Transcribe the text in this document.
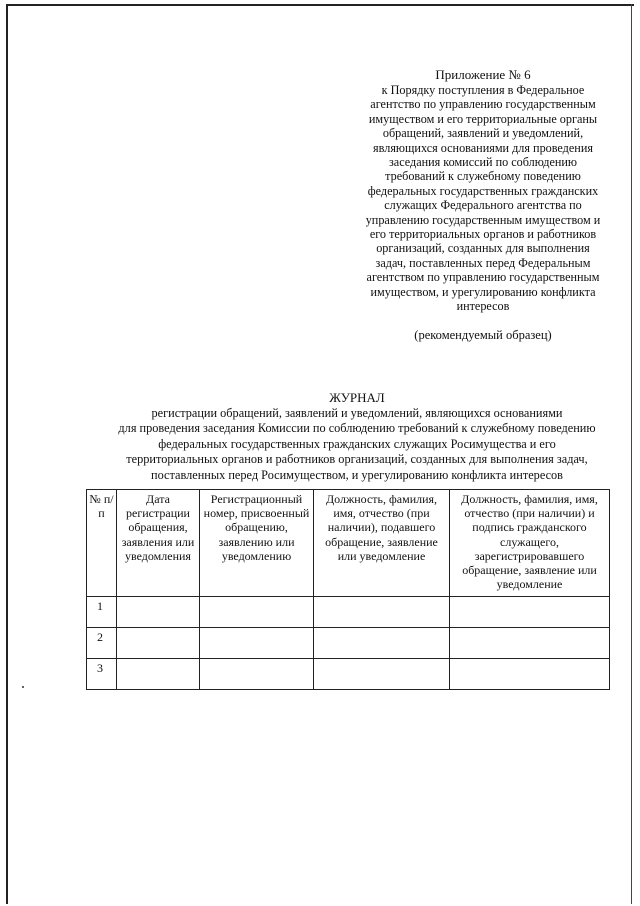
Приложение № 6
к Порядку поступления в Федеральное
агентство по управлению государственным
имуществом и его территориальные органы
обращений, заявлений и уведомлений,
являющихся основаниями для проведения
заседания комиссий по соблюдению
требований к служебному поведению
федеральных государственных гражданских
служащих Федерального агентства по
управлению государственным имуществом и
его территориальных органов и работников
организаций, созданных для выполнения
задач, поставленных перед Федеральным
агентством по управлению государственным
имуществом, и урегулированию конфликта
интересов
(рекомендуемый образец)
ЖУРНАЛ
регистрации обращений, заявлений и уведомлений, являющихся основаниями
для проведения заседания Комиссии по соблюдению требований к служебному поведению
федеральных государственных гражданских служащих Росимущества и его
территориальных органов и работников организаций, созданных для выполнения задач,
поставленных перед Росимуществом, и урегулированию конфликта интересов
№ п/п	Дата регистрации обращения, заявления или уведомления	Регистрационный номер, присвоенный обращению, заявлению или уведомлению	Должность, фамилия, имя, отчество (при наличии), подавшего обращение, заявление или уведомление	Должность, фамилия, имя, отчество (при наличии) и подпись гражданского служащего, зарегистрировавшего обращение, заявление или уведомление
1				
2				
3				
